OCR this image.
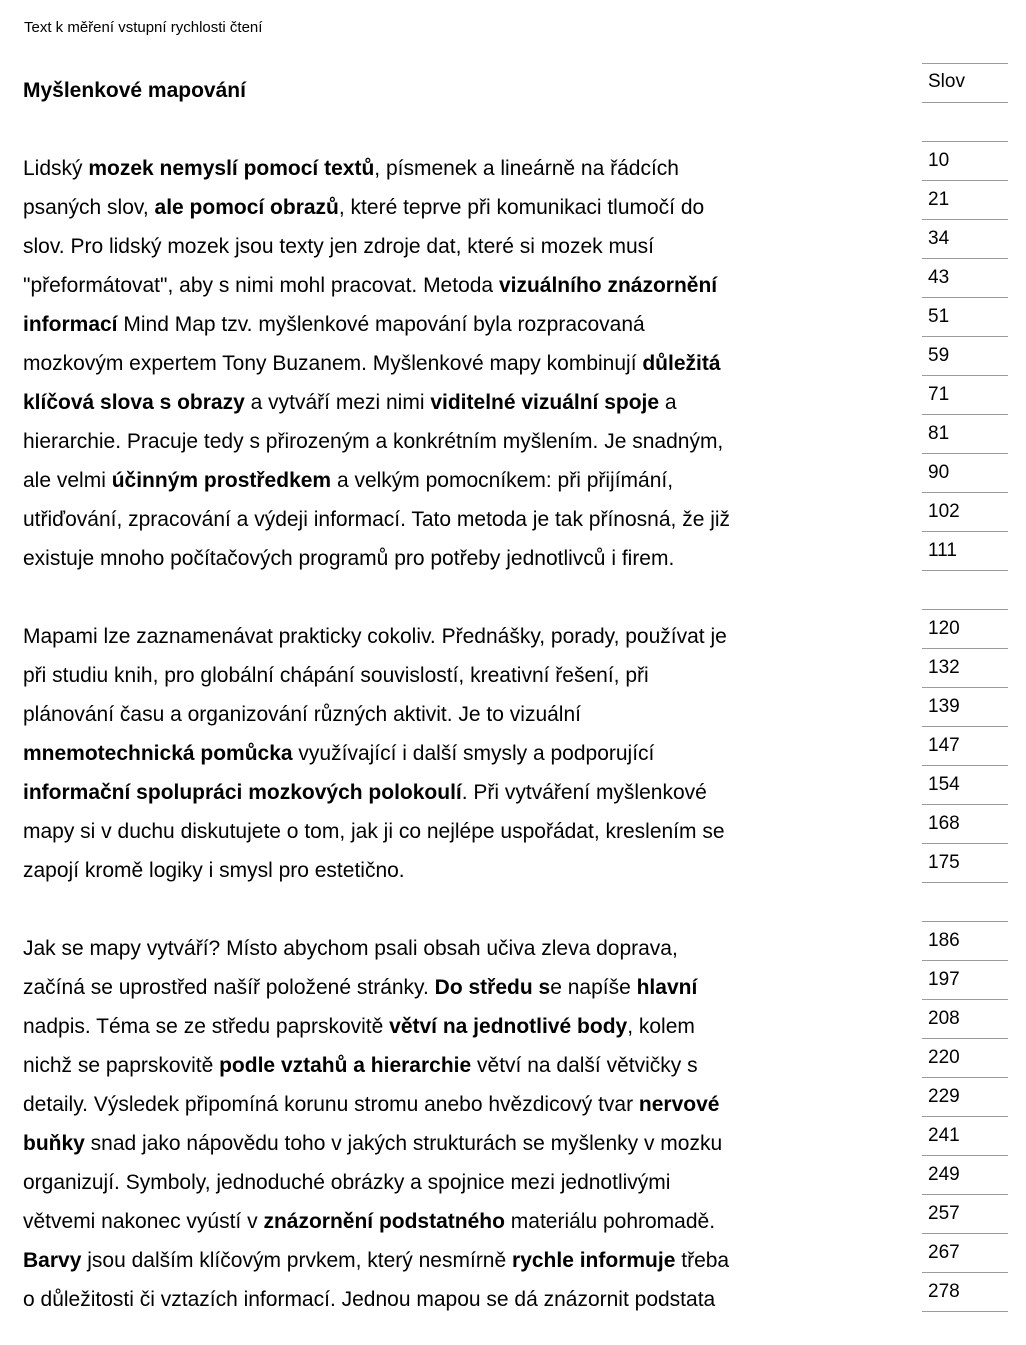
Text k měření vstupní rychlosti čtení
Myšlenkové mapování
Lidský mozek nemyslí pomocí textů, písmenek a lineárně na řádcích
psaných slov, ale pomocí obrazů, které teprve při komunikaci tlumočí do
slov. Pro lidský mozek jsou texty jen zdroje dat, které si mozek musí
"přeformátovat", aby s nimi mohl pracovat. Metoda vizuálního znázornění
informací Mind Map tzv. myšlenkové mapování byla rozpracovaná
mozkovým expertem Tony Buzanem. Myšlenkové mapy kombinují důležitá
klíčová slova s obrazy a vytváří mezi nimi viditelné vizuální spoje a
hierarchie. Pracuje tedy s přirozeným a konkrétním myšlením. Je snadným,
ale velmi účinným prostředkem a velkým pomocníkem: při přijímání,
utřiďování, zpracování a výdeji informací. Tato metoda je tak přínosná, že již
existuje mnoho počítačových programů pro potřeby jednotlivců i firem.
Mapami lze zaznamenávat prakticky cokoliv. Přednášky, porady, používat je
při studiu knih, pro globální chápání souvislostí, kreativní řešení, při
plánování času a organizování různých aktivit. Je to vizuální
mnemotechnická pomůcka využívající i další smysly a podporující
informační spolupráci mozkových polokoulí. Při vytváření myšlenkové
mapy si v duchu diskutujete o tom, jak ji co nejlépe uspořádat, kreslením se
zapojí kromě logiky i smysl pro estetično.
Jak se mapy vytváří? Místo abychom psali obsah učiva zleva doprava,
začíná se uprostřed našíř položené stránky. Do středu se napíše hlavní
nadpis. Téma se ze středu paprskovitě větví na jednotlivé body, kolem
nichž se paprskovitě podle vztahů a hierarchie větví na další větvičky s
detaily. Výsledek připomíná korunu stromu anebo hvězdicový tvar nervové
buňky snad jako nápovědu toho v jakých strukturách se myšlenky v mozku
organizují. Symboly, jednoduché obrázky a spojnice mezi jednotlivými
větvemi nakonec vyústí v znázornění podstatného materiálu pohromadě.
Barvy jsou dalším klíčovým prvkem, který nesmírně rychle informuje třeba
o důležitosti či vztazích informací. Jednou mapou se dá znázornit podstata
Slov
10
21
34
43
51
59
71
81
90
102
111
120
132
139
147
154
168
175
186
197
208
220
229
241
249
257
267
278
